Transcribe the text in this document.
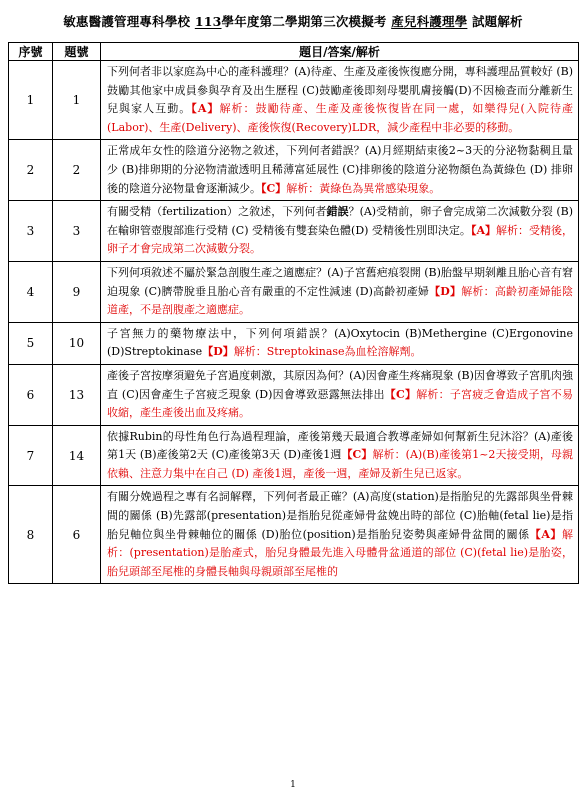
敏惠醫護管理專科學校 113學年度第二學期第三次模擬考 產兒科護理學 試題解析
序號	題號	題目/答案/解析
1	1	下列何者非以家庭為中心的產科護理？(A)待產、生產及產後恢復應分開，專科護理品質較好 (B)鼓勵其他家中成員參與孕育及出生歷程 (C)鼓勵產後即刻母嬰肌膚接觸(D)不因檢查而分離新生兒與家人互動。【A】解析：鼓勵待產、生產及產後恢復皆在同一處，如樂得兒(入院待產(Labor)、生產(Delivery)、產後恢復(Recovery)LDR，減少產程中非必要的移動。
2	2	正常成年女性的陰道分泌物之敘述，下列何者錯誤？(A)月經期結束後2~3天的分泌物黏稠且量少 (B)排卵期的分泌物清澈透明且稀薄富延展性 (C)排卵後的陰道分泌物顏色為黃綠色 (D) 排卵後的陰道分泌物量會逐漸減少。【C】解析：黃綠色為異常感染現象。
3	3	有關受精（fertilization）之敘述，下列何者錯誤？(A)受精前，卵子會完成第二次減數分裂 (B)在輸卵管壺腹部進行受精 (C) 受精後有雙套染色體(D) 受精後性別即決定。【A】解析：受精後，卵子才會完成第二次減數分裂。
4	9	下列何項敘述不屬於緊急剖腹生產之適應症？(A)子宮舊疤痕裂開 (B)胎盤早期剝離且胎心音有窘迫現象 (C)臍帶脫垂且胎心音有嚴重的不定性減速 (D)高齡初產婦【D】解析：高齡初產婦能陰道產，不是剖腹產之適應症。
5	10	子宮無力的藥物療法中，下列何項錯誤？(A)Oxytocin (B)Methergine (C)Ergonovine (D)Streptokinase【D】解析：Streptokinase為血栓溶解劑。
6	13	產後子宮按摩須避免子宮過度刺激，其原因為何？(A)因會產生疼痛現象 (B)因會導致子宮肌肉強直 (C)因會產生子宮疲乏現象 (D)因會導致惡露無法排出【C】解析：子宮疲乏會造成子宮不易收縮，產生產後出血及疼痛。
7	14	依據Rubin的母性角色行為過程理論，產後第幾天最適合教導產婦如何幫新生兒沐浴？(A)產後第1天 (B)產後第2天 (C)產後第3天 (D)產後1週【C】解析：(A)(B)產後第1~2天接受期，母親依賴、注意力集中在自己 (D) 產後1週，產後一週，產婦及新生兒已返家。
8	6	有關分娩過程之專有名詞解釋，下列何者最正確？(A)高度(station)是指胎兒的先露部與坐骨棘間的關係 (B)先露部(presentation)是指胎兒從產婦骨盆娩出時的部位 (C)胎軸(fetal lie)是指胎兒軸位與坐骨棘軸位的關係 (D)胎位(position)是指胎兒姿勢與產婦骨盆間的關係【A】解析：(presentation)是胎產式，胎兒身體最先進入母體骨盆通道的部位 (C)(fetal lie)是胎姿，胎兒頭部至尾椎的身體長軸與母親頭部至尾椎的
1
